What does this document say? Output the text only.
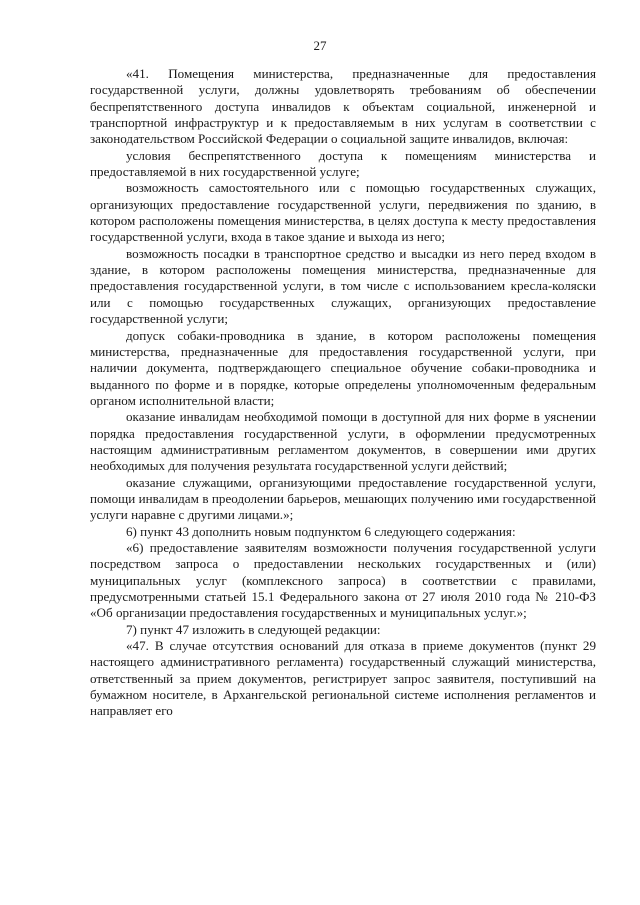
27

«41. Помещения министерства, предназначенные для предоставления государственной услуги, должны удовлетворять требованиям об обеспечении беспрепятственного доступа инвалидов к объектам социальной, инженерной и транспортной инфраструктур и к предоставляемым в них услугам в соответствии с законодательством Российской Федерации о социальной защите инвалидов, включая:

условия беспрепятственного доступа к помещениям министерства и предоставляемой в них государственной услуге;

возможность самостоятельного или с помощью государственных служащих, организующих предоставление государственной услуги, передвижения по зданию, в котором расположены помещения министерства, в целях доступа к месту предоставления государственной услуги, входа в такое здание и выхода из него;

возможность посадки в транспортное средство и высадки из него перед входом в здание, в котором расположены помещения министерства, предназначенные для предоставления государственной услуги, в том числе с использованием кресла-коляски или с помощью государственных служащих, организующих предоставление государственной услуги;

допуск собаки-проводника в здание, в котором расположены помещения министерства, предназначенные для предоставления государственной услуги, при наличии документа, подтверждающего специальное обучение собаки-проводника и выданного по форме и в порядке, которые определены уполномоченным федеральным органом исполнительной власти;

оказание инвалидам необходимой помощи в доступной для них форме в уяснении порядка предоставления государственной услуги, в оформлении предусмотренных настоящим административным регламентом документов, в совершении ими других необходимых для получения результата государственной услуги действий;

оказание служащими, организующими предоставление государственной услуги, помощи инвалидам в преодолении барьеров, мешающих получению ими государственной услуги наравне с другими лицами.»;

6) пункт 43 дополнить новым подпунктом 6 следующего содержания:

«6) предоставление заявителям возможности получения государственной услуги посредством запроса о предоставлении нескольких государственных и (или) муниципальных услуг (комплексного запроса) в соответствии с правилами, предусмотренными статьей 15.1 Федерального закона от 27 июля 2010 года № 210-ФЗ «Об организации предоставления государственных и муниципальных услуг.»;

7) пункт 47 изложить в следующей редакции:

«47. В случае отсутствия оснований для отказа в приеме документов (пункт 29 настоящего административного регламента) государственный служащий министерства, ответственный за прием документов, регистрирует запрос заявителя, поступивший на бумажном носителе, в Архангельской региональной системе исполнения регламентов и направляет его
